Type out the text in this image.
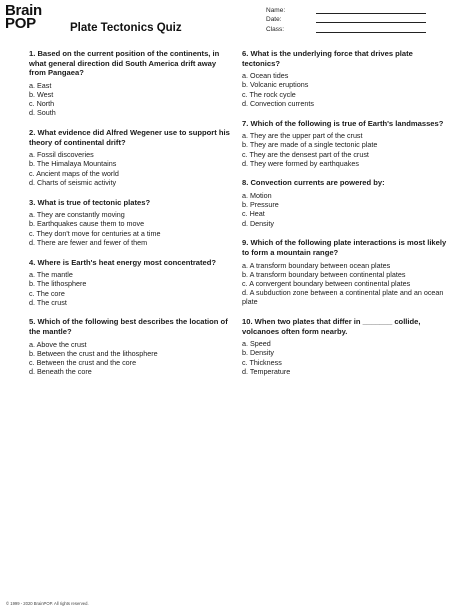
Brain
POP	Plate Tectonics Quiz
Name:
Date:
Class:
1. Based on the current position of the continents, in what general direction did South America drift away from Pangaea?
a. East
b. West
c. North
d. South
2. What evidence did Alfred Wegener use to support his theory of continental drift?
a. Fossil discoveries
b. The Himalaya Mountains
c. Ancient maps of the world
d. Charts of seismic activity
3. What is true of tectonic plates?
a. They are constantly moving
b. Earthquakes cause them to move
c. They don't move for centuries at a time
d. There are fewer and fewer of them
4. Where is Earth's heat energy most concentrated?
a. The mantle
b. The lithosphere
c. The core
d. The crust
5. Which of the following best describes the location of the mantle?
a. Above the crust
b. Between the crust and the lithosphere
c. Between the crust and the core
d. Beneath the core
6. What is the underlying force that drives plate tectonics?
a. Ocean tides
b. Volcanic eruptions
c. The rock cycle
d. Convection currents
7. Which of the following is true of Earth's landmasses?
a. They are the upper part of the crust
b. They are made of a single tectonic plate
c. They are the densest part of the crust
d. They were formed by earthquakes
8. Convection currents are powered by:
a. Motion
b. Pressure
c. Heat
d. Density
9. Which of the following plate interactions is most likely to form a mountain range?
a. A transform boundary between ocean plates
b. A transform boundary between continental plates
c. A convergent boundary between continental plates
d. A subduction zone between a continental plate and an ocean plate
10. When two plates that differ in _______ collide, volcanoes often form nearby.
a. Speed
b. Density
c. Thickness
d. Temperature
© 1999 - 2020 BrainPOP. All rights reserved.
